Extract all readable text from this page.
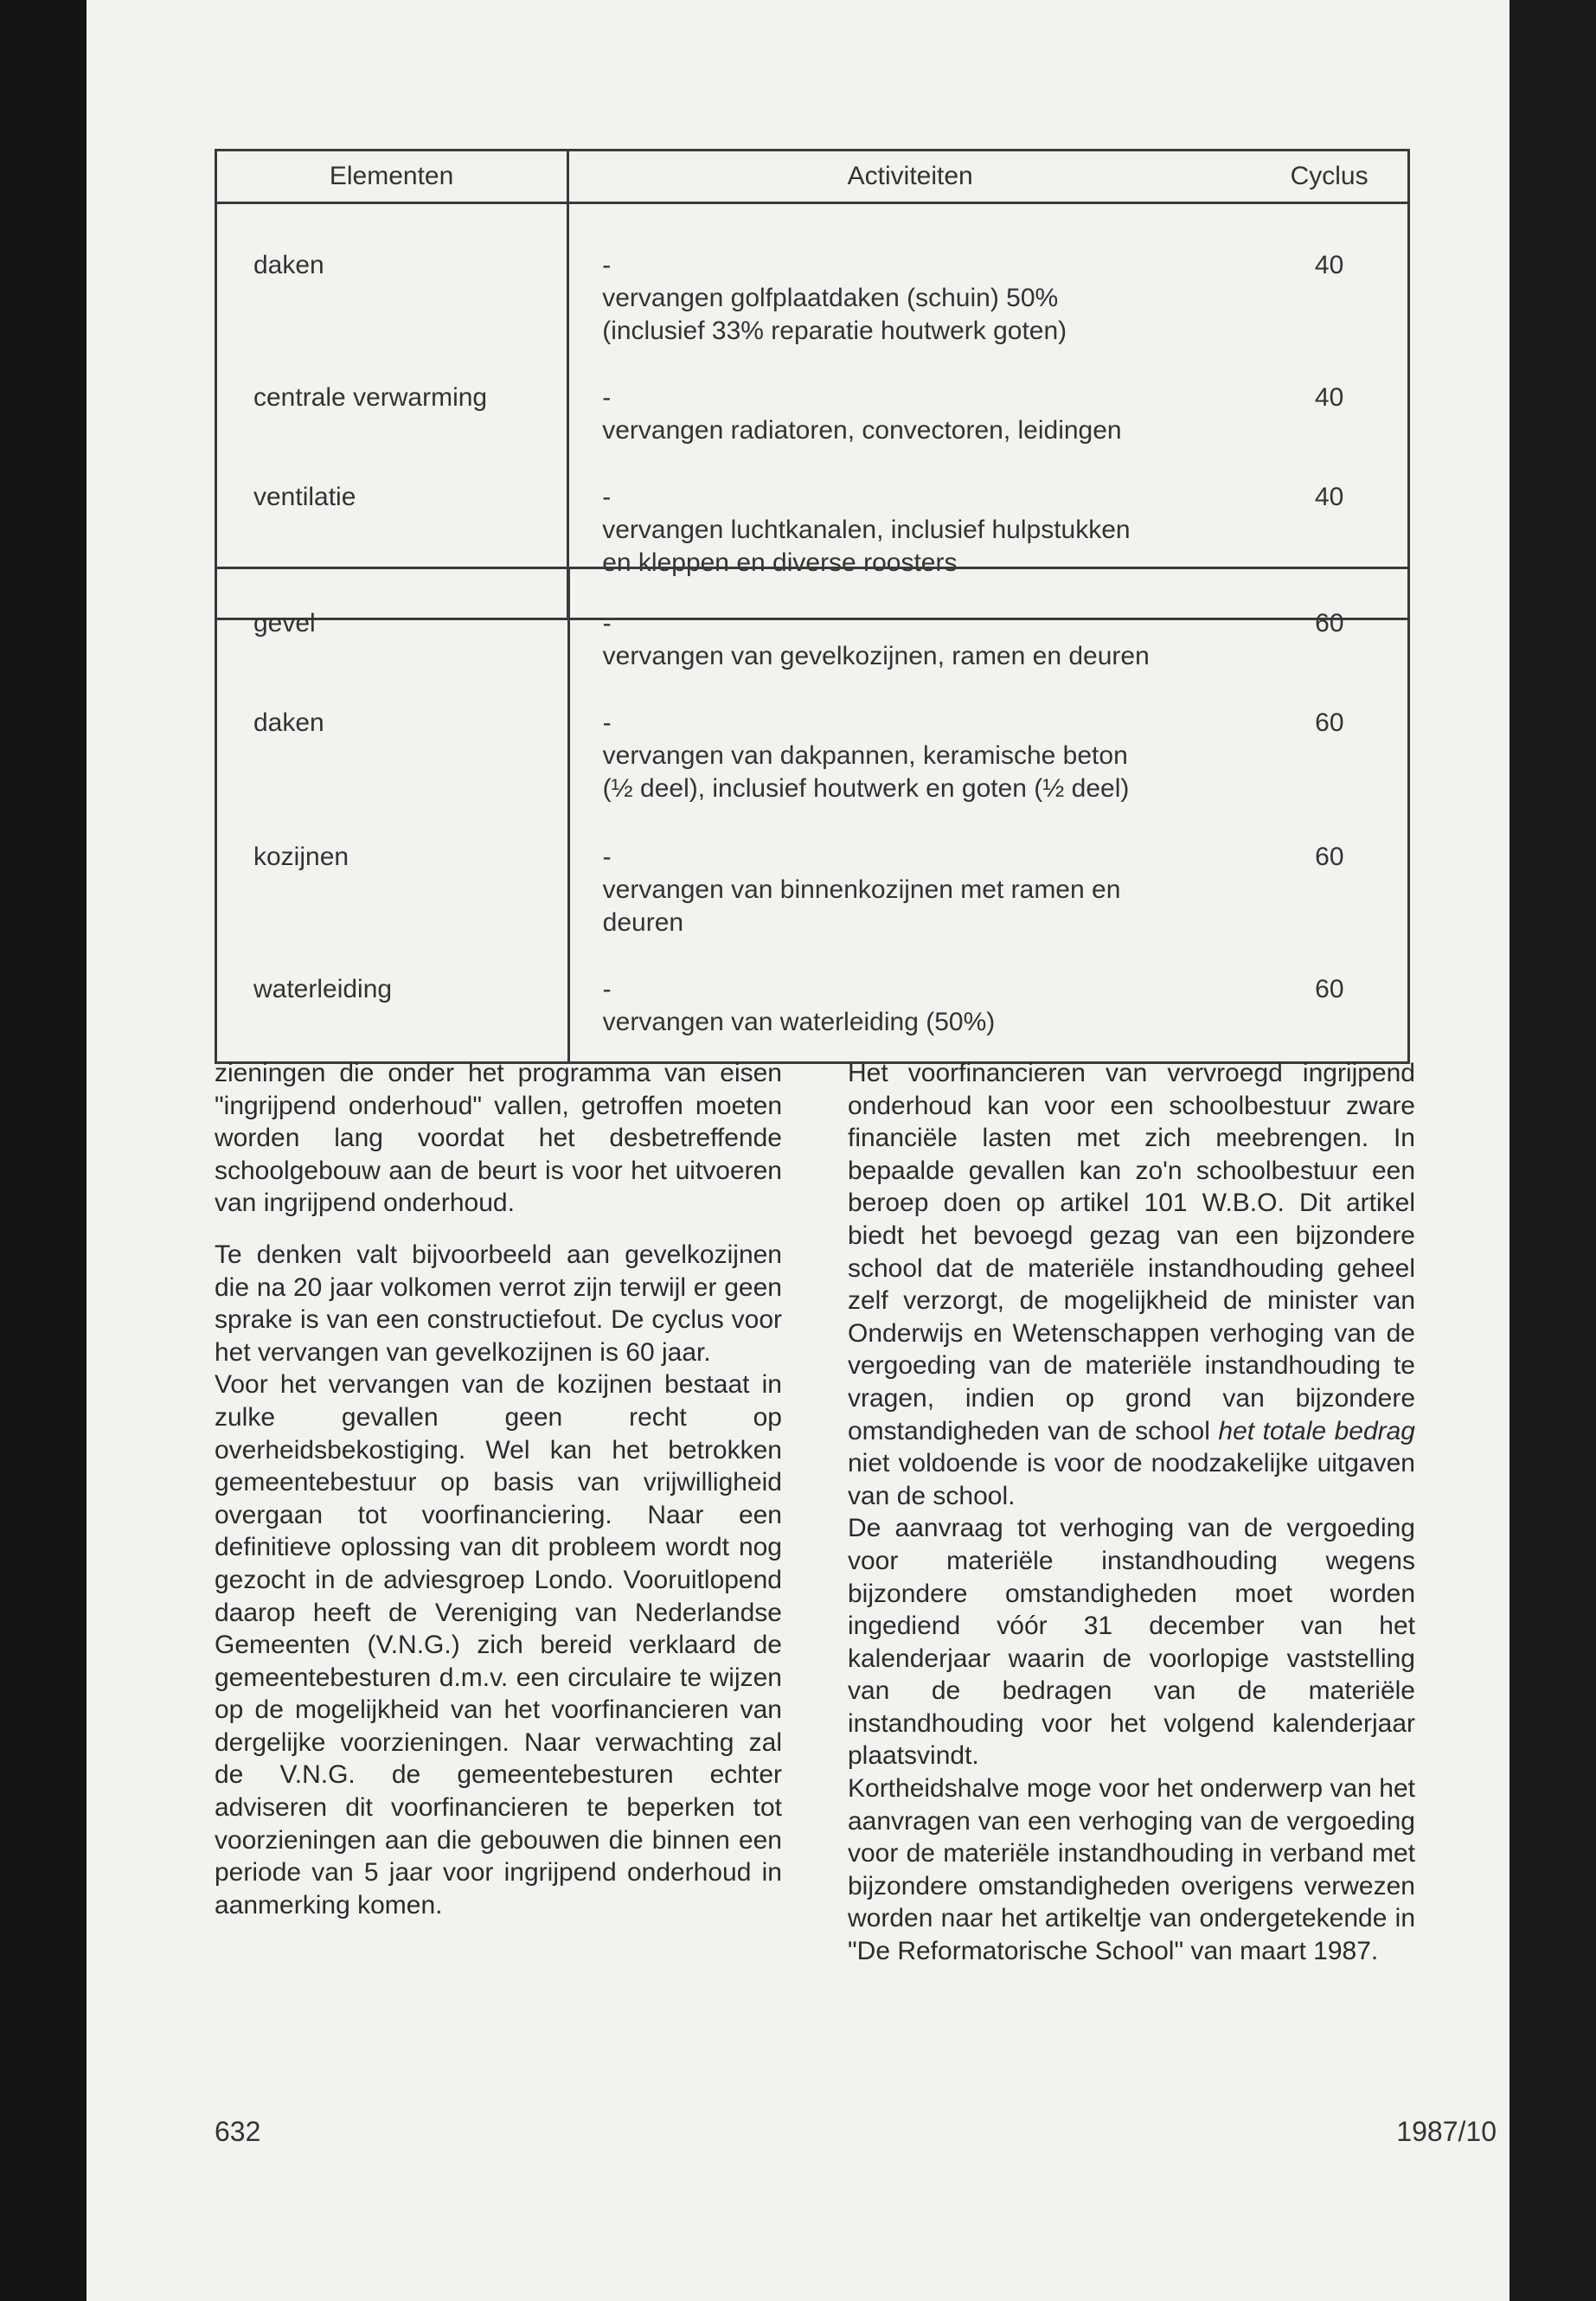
Elementen	Activiteiten	Cyclus
daken	-vervangen golfplaatdaken (schuin) 50% (inclusief 33% reparatie houtwerk goten)	40
centrale verwarming	-vervangen radiatoren, convectoren, leidingen	40
ventilatie	-vervangen luchtkanalen, inclusief hulpstukken en kleppen en diverse roosters	40
gevel	-vervangen van gevelkozijnen, ramen en deuren	60
daken	-vervangen van dakpannen, keramische beton (½ deel), inclusief houtwerk en goten (½ deel)	60
kozijnen	-vervangen van binnenkozijnen met ramen en deuren	60
waterleiding	-vervangen van waterleiding (50%)	60

zieningen die onder het programma van eisen "ingrijpend onderhoud" vallen, getroffen moeten worden lang voordat het desbetreffende schoolgebouw aan de beurt is voor het uitvoeren van ingrijpend onderhoud.

Te denken valt bijvoorbeeld aan gevelkozijnen die na 20 jaar volkomen verrot zijn terwijl er geen sprake is van een constructiefout. De cyclus voor het vervangen van gevelkozijnen is 60 jaar.

Voor het vervangen van de kozijnen bestaat in zulke gevallen geen recht op overheidsbekostiging. Wel kan het betrokken gemeentebestuur op basis van vrijwilligheid overgaan tot voorfinanciering. Naar een definitieve oplossing van dit probleem wordt nog gezocht in de adviesgroep Londo. Vooruitlopend daarop heeft de Vereniging van Nederlandse Gemeenten (V.N.G.) zich bereid verklaard de gemeentebesturen d.m.v. een circulaire te wijzen op de mogelijkheid van het voorfinancieren van dergelijke voorzieningen. Naar verwachting zal de V.N.G. de gemeentebesturen echter adviseren dit voorfinancieren te beperken tot voorzieningen aan die gebouwen die binnen een periode van 5 jaar voor ingrijpend onderhoud in aanmerking komen.

Het voorfinancieren van vervroegd ingrijpend onderhoud kan voor een schoolbestuur zware financiële lasten met zich meebrengen. In bepaalde gevallen kan zo'n schoolbestuur een beroep doen op artikel 101 W.B.O. Dit artikel biedt het bevoegd gezag van een bijzondere school dat de materiële instandhouding geheel zelf verzorgt, de mogelijkheid de minister van Onderwijs en Wetenschappen verhoging van de vergoeding van de materiële instandhouding te vragen, indien op grond van bijzondere omstandigheden van de school het totale bedrag niet voldoende is voor de noodzakelijke uitgaven van de school.

De aanvraag tot verhoging van de vergoeding voor materiële instandhouding wegens bijzondere omstandigheden moet worden ingediend vóór 31 december van het kalenderjaar waarin de voorlopige vaststelling van de bedragen van de materiële instandhouding voor het volgend kalenderjaar plaatsvindt.

Kortheidshalve moge voor het onderwerp van het aanvragen van een verhoging van de vergoeding voor de materiële instandhouding in verband met bijzondere omstandigheden overigens verwezen worden naar het artikeltje van ondergetekende in "De Reformatorische School" van maart 1987.

632	1987/10
